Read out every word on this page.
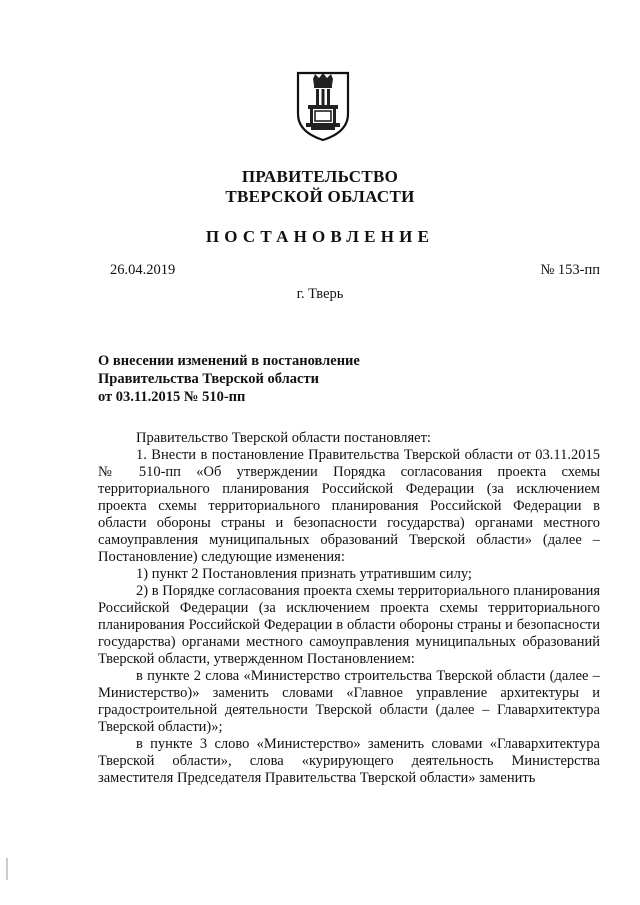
ПРАВИТЕЛЬСТВО
ТВЕРСКОЙ ОБЛАСТИ
ПОСТАНОВЛЕНИЕ
26.04.2019	№ 153-пп
г. Тверь
О внесении изменений в постановление
Правительства Тверской области
от 03.11.2015 № 510-пп

Правительство Тверской области постановляет:

1. Внести в постановление Правительства Тверской области от 03.11.2015 № 510-пп «Об утверждении Порядка согласования проекта схемы территориального планирования Российской Федерации (за исключением проекта схемы территориального планирования Российской Федерации в области обороны страны и безопасности государства) органами местного самоуправления муниципальных образований Тверской области» (далее – Постановление) следующие изменения:

1) пункт 2 Постановления признать утратившим силу;

2) в Порядке согласования проекта схемы территориального планирования Российской Федерации (за исключением проекта схемы территориального планирования Российской Федерации в области обороны страны и безопасности государства) органами местного самоуправления муниципальных образований Тверской области, утвержденном Постановлением:

в пункте 2 слова «Министерство строительства Тверской области (далее – Министерство)» заменить словами «Главное управление архитектуры и градостроительной деятельности Тверской области (далее – Главархитектура Тверской области)»;

в пункте 3 слово «Министерство» заменить словами «Главархитектура Тверской области», слова «курирующего деятельность Министерства заместителя Председателя Правительства Тверской области» заменить
